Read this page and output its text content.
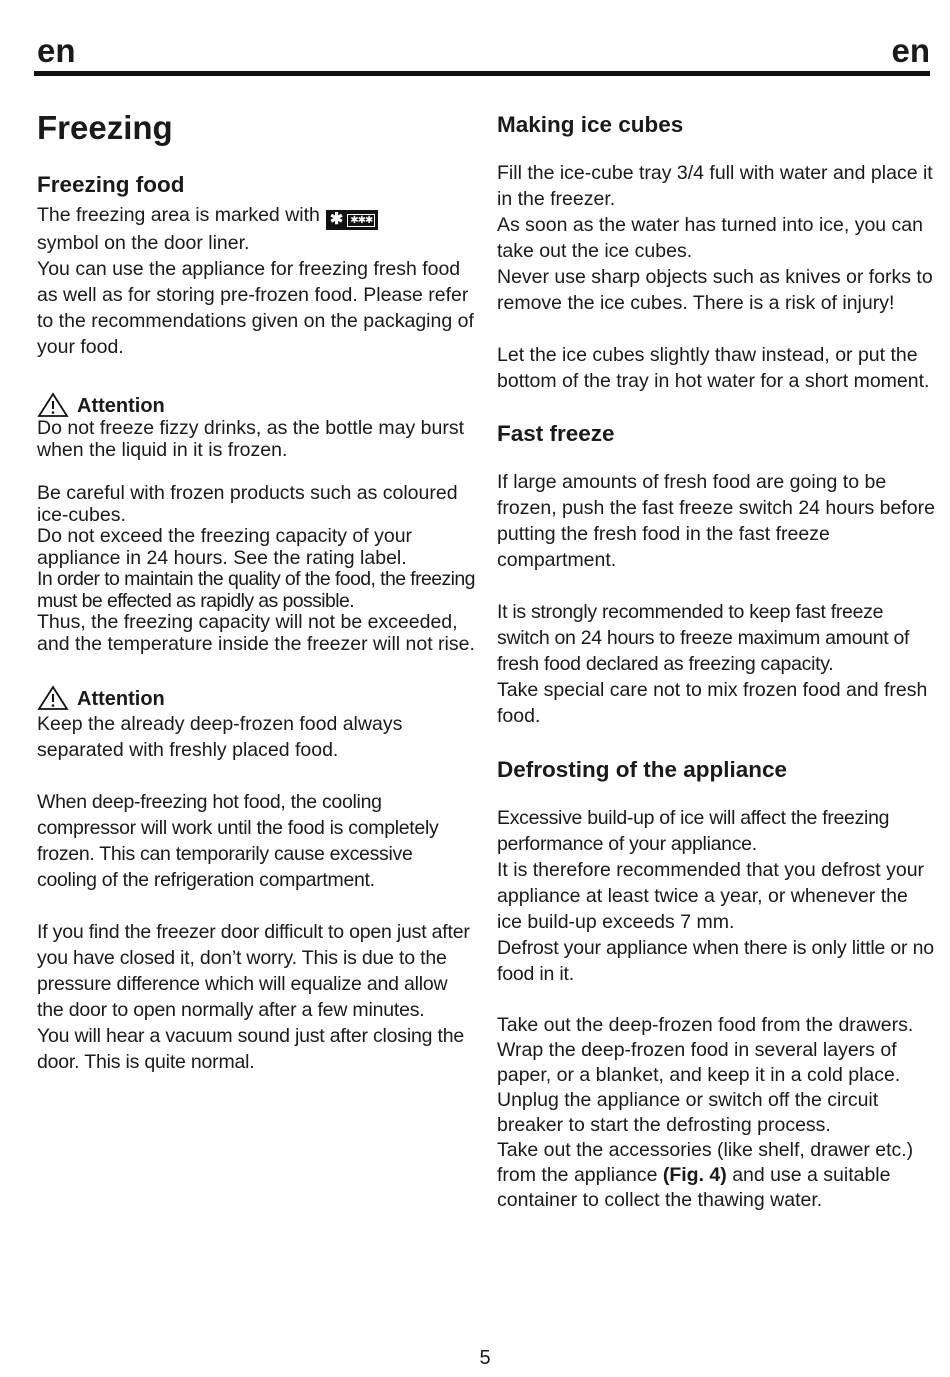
en	en
Freezing
Freezing food

The freezing area is marked with ✱ ✱✱✱

symbol on the door liner.

You can use the appliance for freezing fresh food as well as for storing pre-frozen food. Please refer to the recommendations given on the packaging of your food.

Attention

Do not freeze fizzy drinks, as the bottle may burst when the liquid in it is frozen.

Be careful with frozen products such as coloured ice-cubes.

Do not exceed the freezing capacity of your appliance in 24 hours. See the rating label.

In order to maintain the quality of the food, the freezing must be effected as rapidly as possible.

Thus, the freezing capacity will not be exceeded, and the temperature inside the freezer will not rise.

Attention

Keep the already deep-frozen food always separated with freshly placed food.

When deep-freezing hot food, the cooling compressor will work until the food is completely frozen. This can temporarily cause excessive cooling of the refrigeration compartment.

If you find the freezer door difficult to open just after you have closed it, don’t worry. This is due to the pressure difference which will equalize and allow the door to open normally after a few minutes.

You will hear a vacuum sound just after closing the door. This is quite normal.

Making ice cubes

Fill the ice-cube tray 3/4 full with water and place it in the freezer.

As soon as the water has turned into ice, you can take out the ice cubes.

Never use sharp objects such as knives or forks to remove the ice cubes. There is a risk of injury!

Let the ice cubes slightly thaw instead, or put the bottom of the tray in hot water for a short moment.

Fast freeze

If large amounts of fresh food are going to be frozen, push the fast freeze switch 24 hours before putting the fresh food in the fast freeze compartment.

It is strongly recommended to keep fast freeze switch on 24 hours to freeze maximum amount of fresh food declared as freezing capacity.

Take special care not to mix frozen food and fresh food.

Defrosting of the appliance

Excessive build-up of ice will affect the freezing performance of your appliance.

It is therefore recommended that you defrost your appliance at least twice a year, or whenever the ice build-up exceeds 7 mm.

Defrost your appliance when there is only little or no food in it.

Take out the deep-frozen food from the drawers. Wrap the deep-frozen food in several layers of paper, or a blanket, and keep it in a cold place.

Unplug the appliance or switch off the circuit breaker to start the defrosting process.

Take out the accessories (like shelf, drawer etc.) from the appliance (Fig. 4) and use a suitable container to collect the thawing water.

5
